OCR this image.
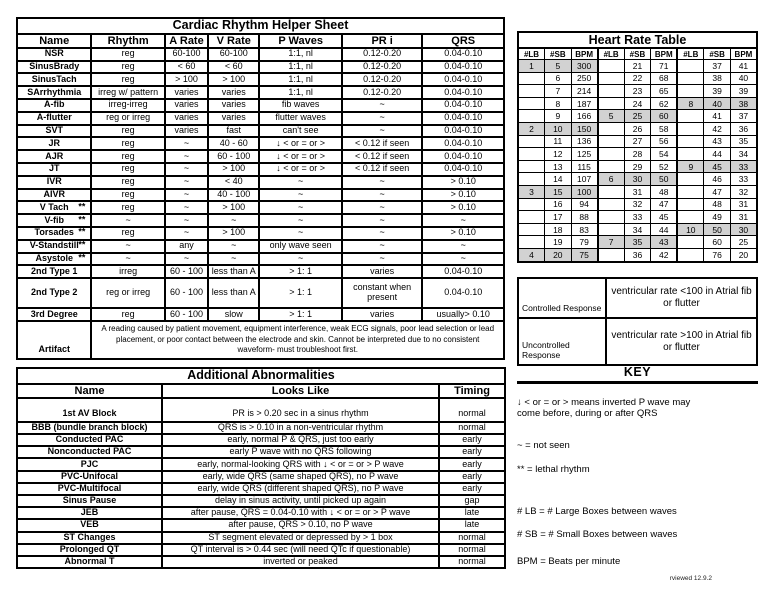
Cardiac Rhythm Helper Sheet						
Name	Rhythm	A Rate	V Rate	P Waves	PR i	QRS
NSR	reg	60-100	60-100	1:1, nl	0.12-0.20	0.04-0.10
SinusBrady	reg	< 60	< 60	1:1, nl	0.12-0.20	0.04-0.10
SinusTach	reg	> 100	> 100	1:1, nl	0.12-0.20	0.04-0.10
SArrhythmia	irreg w/ pattern	varies	varies	1:1, nl	0.12-0.20	0.04-0.10
A-fib	irreg-irreg	varies	varies	fib waves	~	0.04-0.10
A-flutter	reg or irreg	varies	varies	flutter waves	~	0.04-0.10
SVT	reg	varies	fast	can't see	~	0.04-0.10
JR	reg	~	40 - 60	↓ < or = or >	< 0.12 if seen	0.04-0.10
AJR	reg	~	60 - 100	↓ < or = or >	< 0.12 if seen	0.04-0.10
JT	reg	~	> 100	↓ < or = or >	< 0.12 if seen	0.04-0.10
IVR	reg	~	< 40	~	~	> 0.10
AIVR	reg	~	40 - 100	~	~	> 0.10
V Tach **	reg	~	> 100	~	~	> 0.10
V-fib **	~	~	~	~	~	~
Torsades **	reg	~	> 100	~	~	> 0.10
V-Standstill **	~	any	~	only wave seen	~	~
Asystole **	~	~	~	~	~	~
2nd Type 1	irreg	60 - 100	less than A	> 1: 1	varies	0.04-0.10
2nd Type 2	reg or irreg	60 - 100	less than A	> 1: 1	constant when present	0.04-0.10
3rd Degree	reg	60 - 100	slow	> 1: 1	varies	usually> 0.10
Artifact	A reading caused by patient movement, equipment interference, weak ECG signals, poor lead selection or lead placement, or poor contact between the electrode and skin. Cannot be interpreted due to no consistent waveform- must troubleshoot first.					
Additional Abnormalities		
Name	Looks Like	Timing
1st AV Block	PR is > 0.20 sec in a sinus rhythm	normal
BBB (bundle branch block)	QRS is > 0.10 in a non-ventricular rhythm	normal
Conducted PAC	early, normal P & QRS, just too early	early
Nonconducted PAC	early P wave with no QRS following	early
PJC	early, normal-looking QRS with ↓ < or = or > P wave	early
PVC-Unifocal	early, wide QRS (same shaped QRS), no P wave	early
PVC-Multifocal	early, wide QRS (different shaped QRS), no P wave	early
Sinus Pause	delay in sinus activity, until picked up again	gap
JEB	after pause, QRS = 0.04-0.10 with ↓ < or = or > P wave	late
VEB	after pause, QRS > 0.10, no P wave	late
ST Changes	ST segment elevated or depressed by > 1 box	normal
Prolonged QT	QT interval is > 0.44 sec (will need QTc if questionable)	normal
Abnormal T	inverted or peaked	normal
Heart Rate Table								
#LB	#SB	BPM	#LB	#SB	BPM	#LB	#SB	BPM
1	5	300		21	71		37	41
	6	250		22	68		38	40
	7	214		23	65		39	39
	8	187		24	62	8	40	38
	9	166	5	25	60		41	37
2	10	150		26	58		42	36
	11	136		27	56		43	35
	12	125		28	54		44	34
	13	115		29	52	9	45	33
	14	107	6	30	50		46	33
3	15	100		31	48		47	32
	16	94		32	47		48	31
	17	88		33	45		49	31
	18	83		34	44	10	50	30
	19	79	7	35	43		60	25
4	20	75		36	42		76	20
Controlled Response	ventricular rate <100 in Atrial fib or flutter
Uncontrolled Response	ventricular rate >100 in Atrial fib or flutter
KEY
↓ < or = or > means inverted P wave may come before, during or after QRS
~ = not seen
** = lethal rhythm
# LB = # Large Boxes between waves
# SB = # Small Boxes between waves
BPM = Beats per minute
rviewed 12.9.2
